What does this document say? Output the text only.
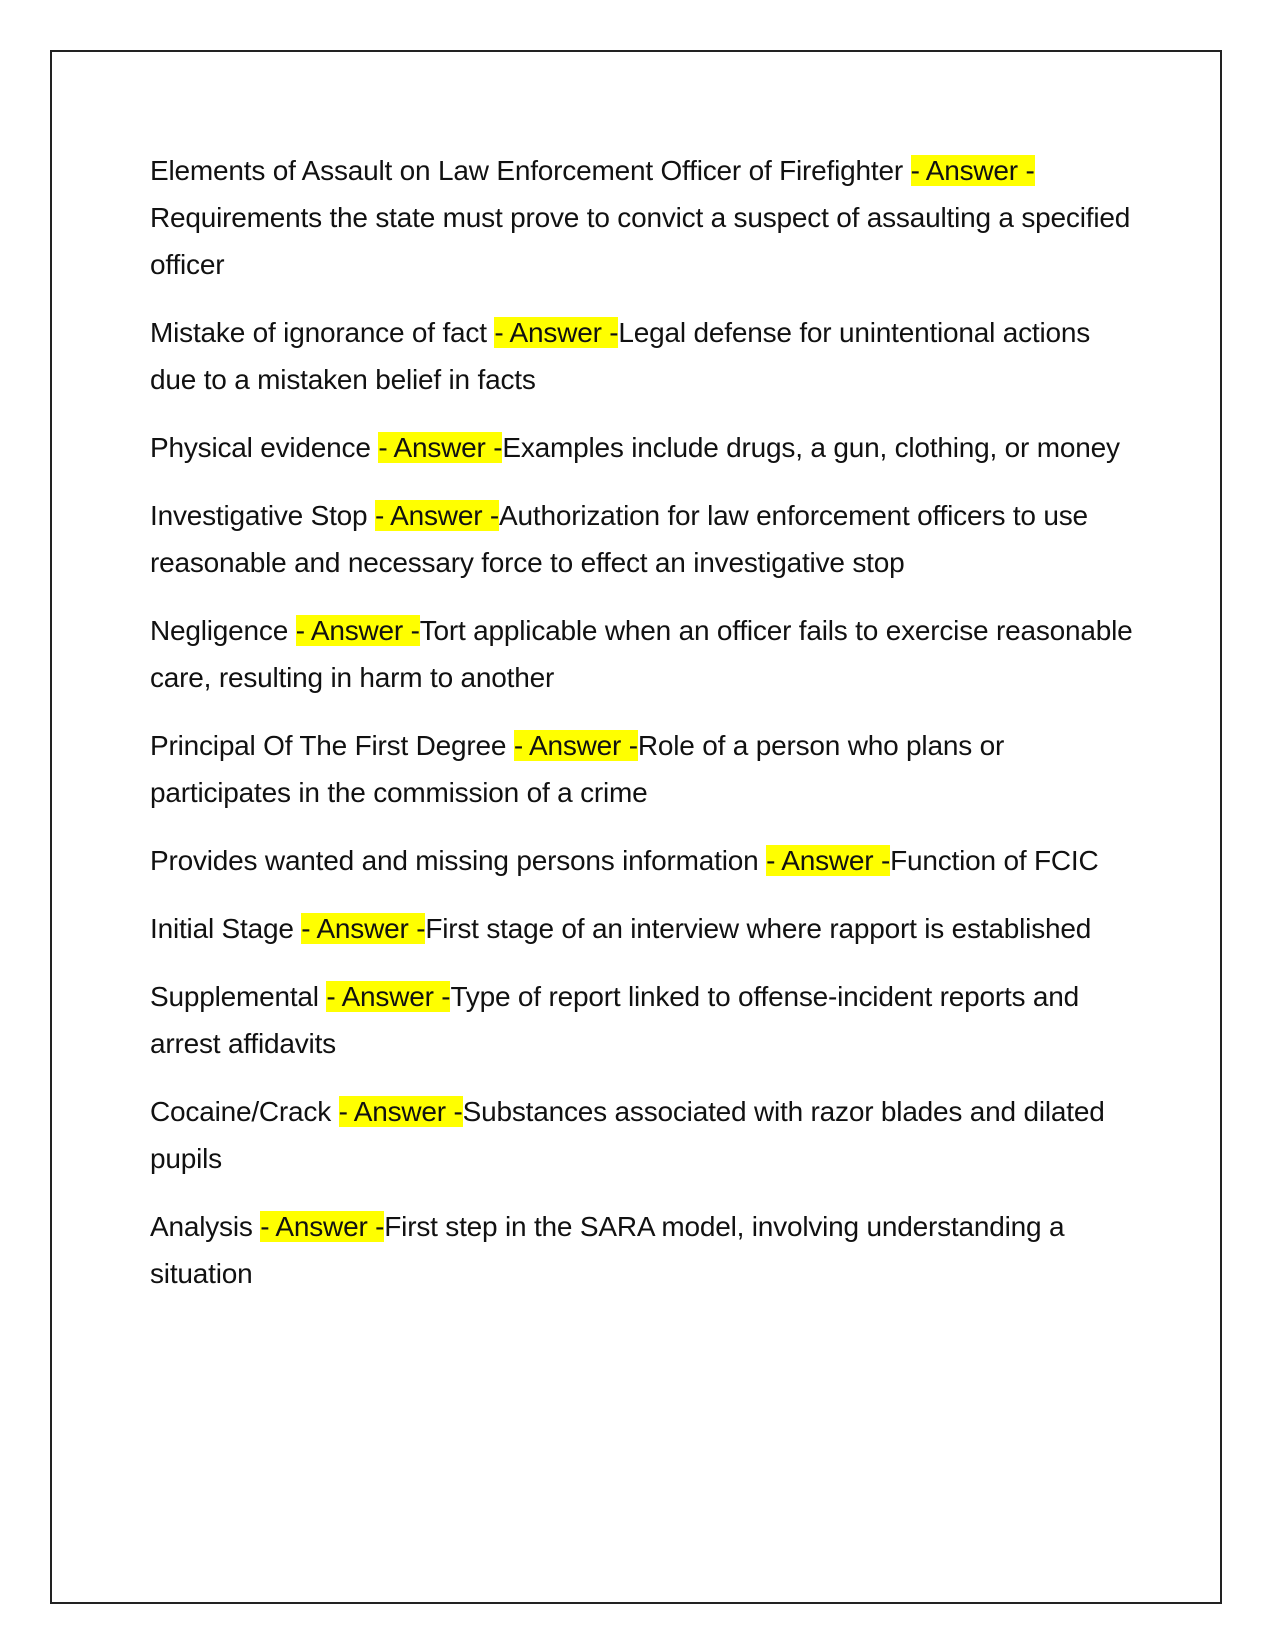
Elements of Assault on Law Enforcement Officer of Firefighter - Answer -Requirements the state must prove to convict a suspect of assaulting a specified officer

Mistake of ignorance of fact - Answer -Legal defense for unintentional actions due to a mistaken belief in facts

Physical evidence - Answer -Examples include drugs, a gun, clothing, or money

Investigative Stop - Answer -Authorization for law enforcement officers to use reasonable and necessary force to effect an investigative stop

Negligence - Answer -Tort applicable when an officer fails to exercise reasonable care, resulting in harm to another

Principal Of The First Degree - Answer -Role of a person who plans or participates in the commission of a crime

Provides wanted and missing persons information - Answer -Function of FCIC

Initial Stage - Answer -First stage of an interview where rapport is established

Supplemental - Answer -Type of report linked to offense-incident reports and arrest affidavits

Cocaine/Crack - Answer -Substances associated with razor blades and dilated pupils

Analysis - Answer -First step in the SARA model, involving understanding a situation
